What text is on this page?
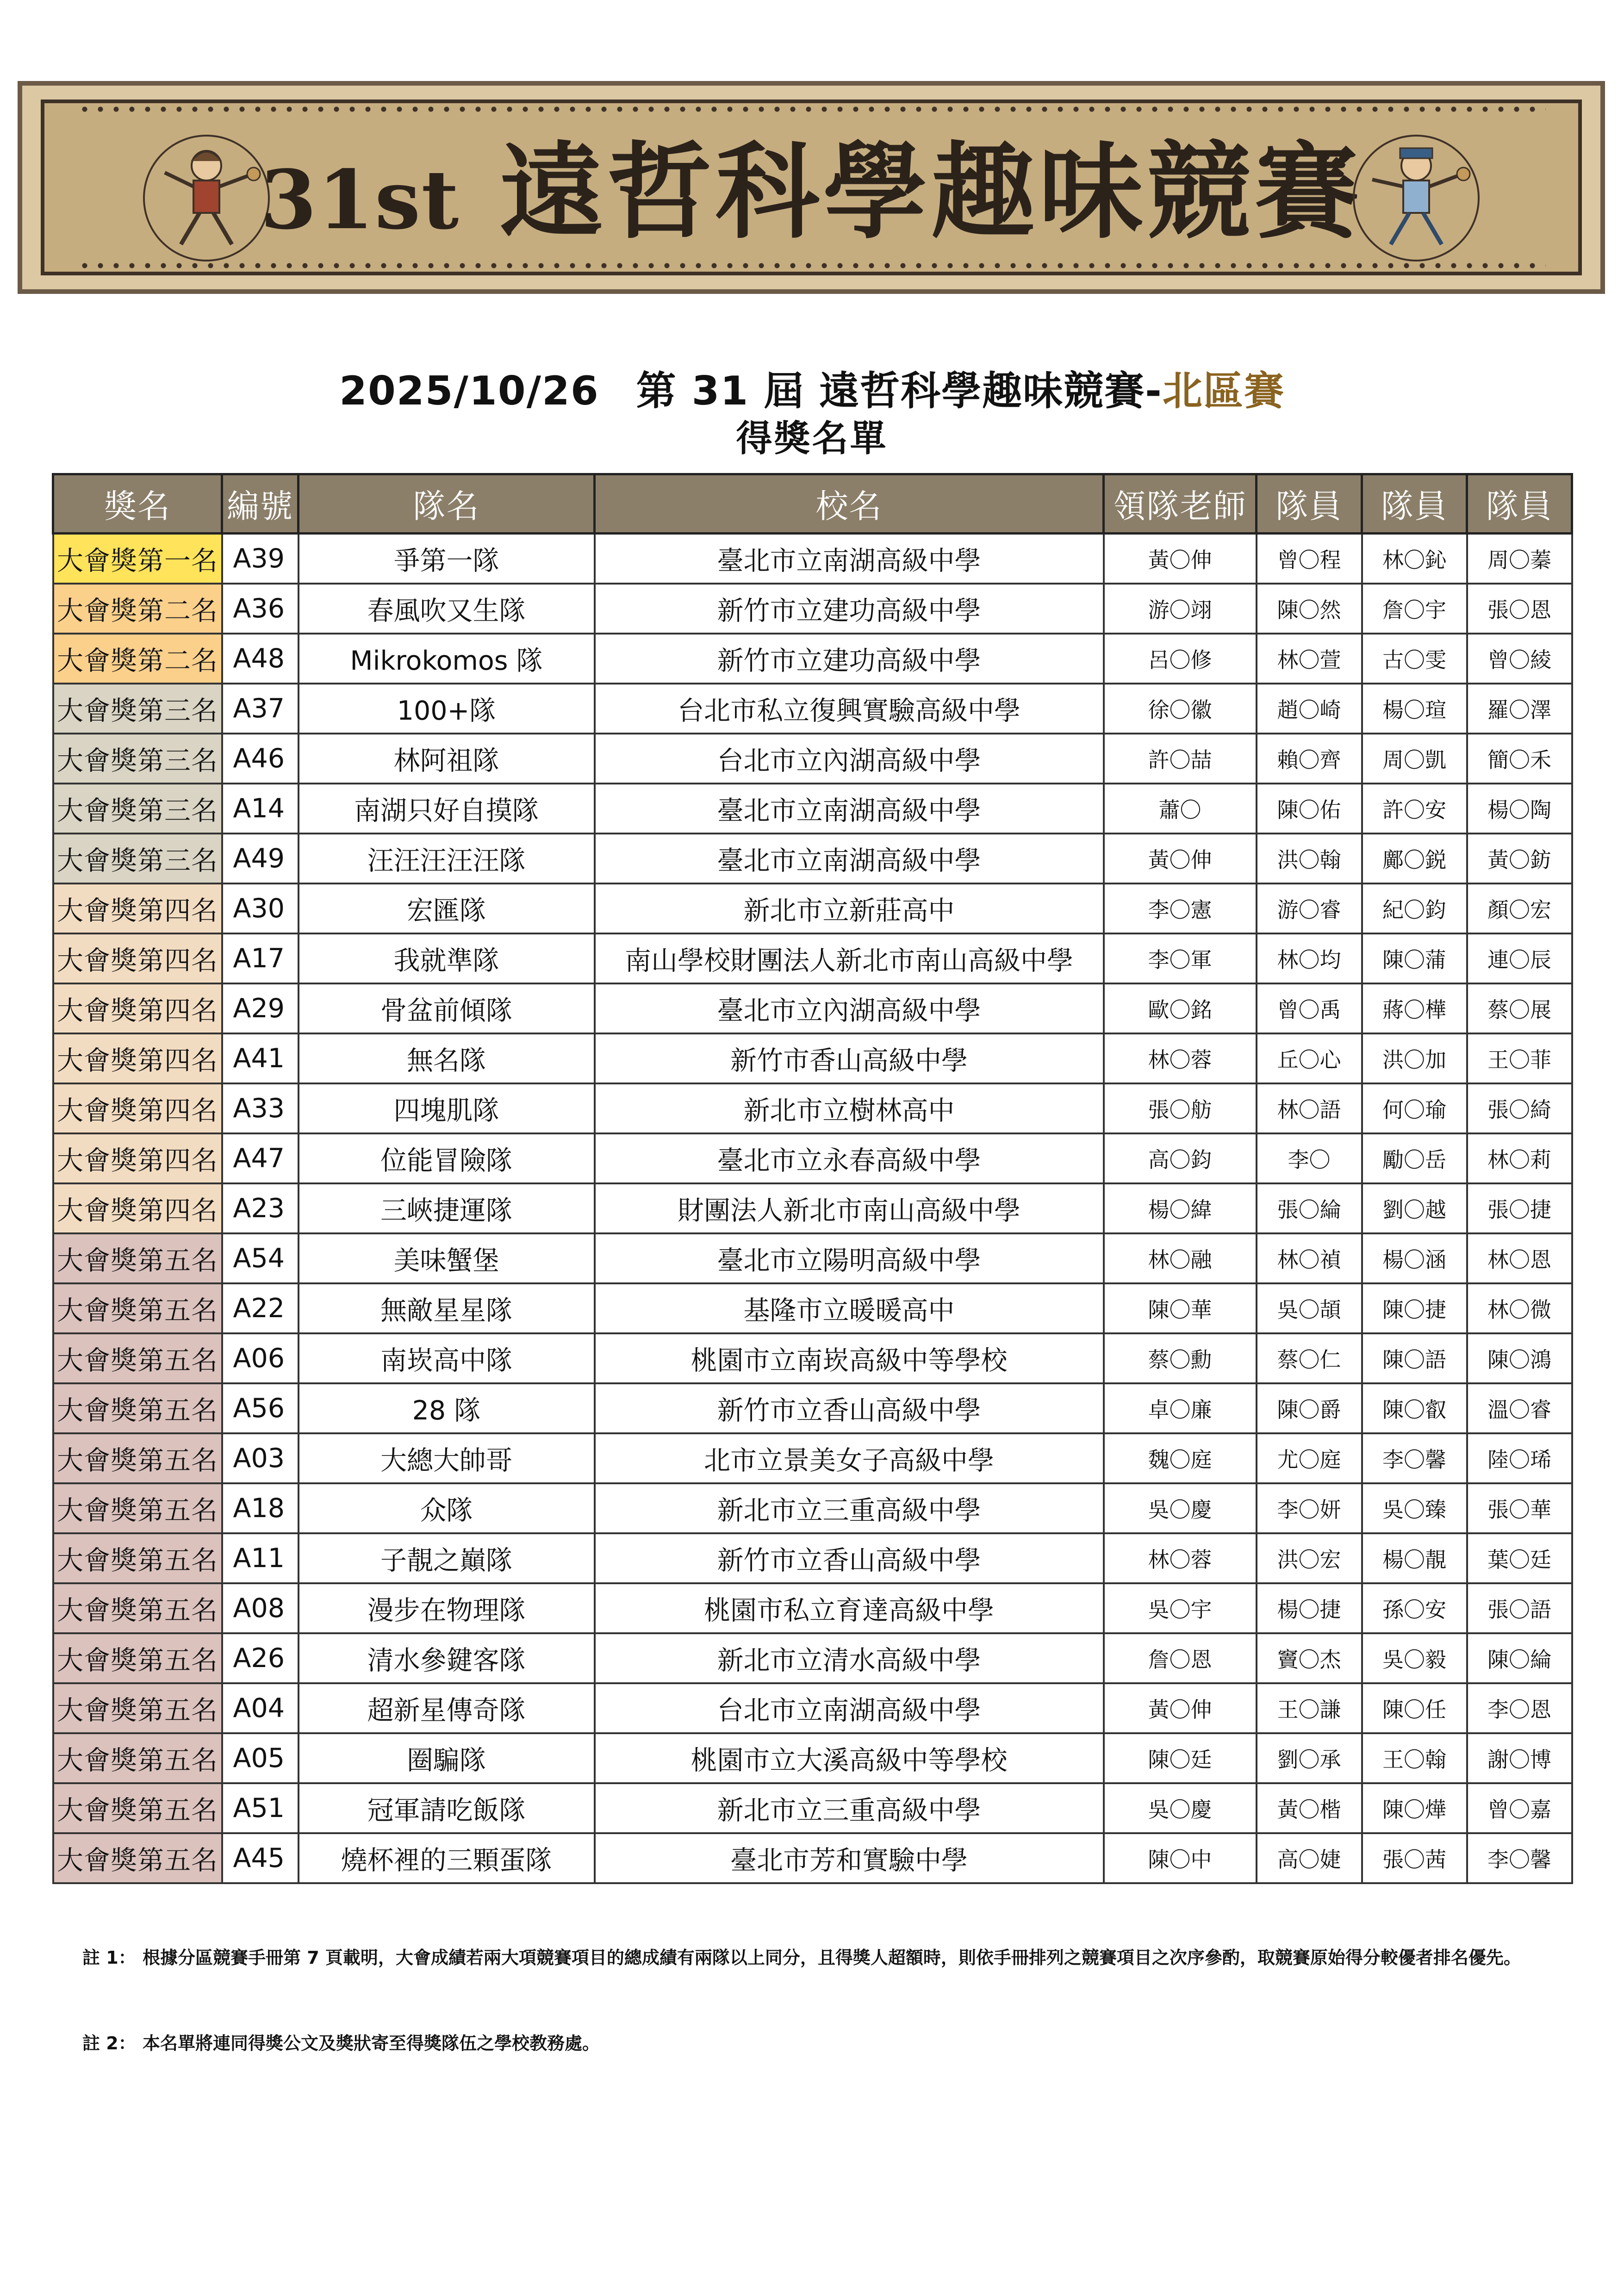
31st 遠哲科學趣味競賽
2025/10/26 第 31 屆 遠哲科學趣味競賽-北區賽
得獎名單
獎名	編號	隊名	校名	領隊老師	隊員	隊員	隊員
大會獎第一名	A39	爭第一隊	臺北市立南湖高級中學	黃〇伸	曾〇程	林〇鈊	周〇蓁
大會獎第二名	A36	春風吹又生隊	新竹市立建功高級中學	游〇翊	陳〇然	詹〇宇	張〇恩
大會獎第二名	A48	Mikrokomos 隊	新竹市立建功高級中學	呂〇修	林〇萱	古〇雯	曾〇綾
大會獎第三名	A37	100+隊	台北市私立復興實驗高級中學	徐〇徽	趙〇崎	楊〇瑄	羅〇澤
大會獎第三名	A46	林阿祖隊	台北市立內湖高級中學	許〇喆	賴〇齊	周〇凱	簡〇禾
大會獎第三名	A14	南湖只好自摸隊	臺北市立南湖高級中學	蕭〇	陳〇佑	許〇安	楊〇陶
大會獎第三名	A49	汪汪汪汪汪隊	臺北市立南湖高級中學	黃〇伸	洪〇翰	鄺〇鋭	黃〇鈁
大會獎第四名	A30	宏匯隊	新北市立新莊高中	李〇憲	游〇睿	紀〇鈞	顏〇宏
大會獎第四名	A17	我就準隊	南山學校財團法人新北市南山高級中學	李〇軍	林〇均	陳〇蒲	連〇辰
大會獎第四名	A29	骨盆前傾隊	臺北市立內湖高級中學	歐〇銘	曾〇禹	蔣〇樺	蔡〇展
大會獎第四名	A41	無名隊	新竹市香山高級中學	林〇蓉	丘〇心	洪〇加	王〇菲
大會獎第四名	A33	四塊肌隊	新北市立樹林高中	張〇舫	林〇語	何〇瑜	張〇綺
大會獎第四名	A47	位能冒險隊	臺北市立永春高級中學	高〇鈞	李〇	勵〇岳	林〇莉
大會獎第四名	A23	三峽捷運隊	財團法人新北市南山高級中學	楊〇緯	張〇綸	劉〇越	張〇捷
大會獎第五名	A54	美味蟹堡	臺北市立陽明高級中學	林〇融	林〇禎	楊〇涵	林〇恩
大會獎第五名	A22	無敵星星隊	基隆市立暖暖高中	陳〇華	吳〇頡	陳〇捷	林〇微
大會獎第五名	A06	南崁高中隊	桃園市立南崁高級中等學校	蔡〇勳	蔡〇仁	陳〇語	陳〇鴻
大會獎第五名	A56	28 隊	新竹市立香山高級中學	卓〇廉	陳〇爵	陳〇叡	溫〇睿
大會獎第五名	A03	大總大帥哥	北市立景美女子高級中學	魏〇庭	尤〇庭	李〇馨	陸〇琋
大會獎第五名	A18	众隊	新北市立三重高級中學	吳〇慶	李〇妍	吳〇臻	張〇華
大會獎第五名	A11	子靚之巔隊	新竹市立香山高級中學	林〇蓉	洪〇宏	楊〇靚	葉〇廷
大會獎第五名	A08	漫步在物理隊	桃園市私立育達高級中學	吳〇宇	楊〇捷	孫〇安	張〇語
大會獎第五名	A26	清水參鍵客隊	新北市立清水高級中學	詹〇恩	竇〇杰	吳〇毅	陳〇綸
大會獎第五名	A04	超新星傳奇隊	台北市立南湖高級中學	黃〇伸	王〇謙	陳〇任	李〇恩
大會獎第五名	A05	圈騙隊	桃園市立大溪高級中等學校	陳〇廷	劉〇承	王〇翰	謝〇博
大會獎第五名	A51	冠軍請吃飯隊	新北市立三重高級中學	吳〇慶	黃〇楷	陳〇燁	曾〇嘉
大會獎第五名	A45	燒杯裡的三顆蛋隊	臺北市芳和實驗中學	陳〇中	高〇婕	張〇茜	李〇馨
註 1： 根據分區競賽手冊第 7 頁載明，大會成績若兩大項競賽項目的總成績有兩隊以上同分，且得獎人超額時，則依手冊排列之競賽項目之次序參酌，取競賽原始得分較優者排名優先。
註 2： 本名單將連同得獎公文及獎狀寄至得獎隊伍之學校教務處。
